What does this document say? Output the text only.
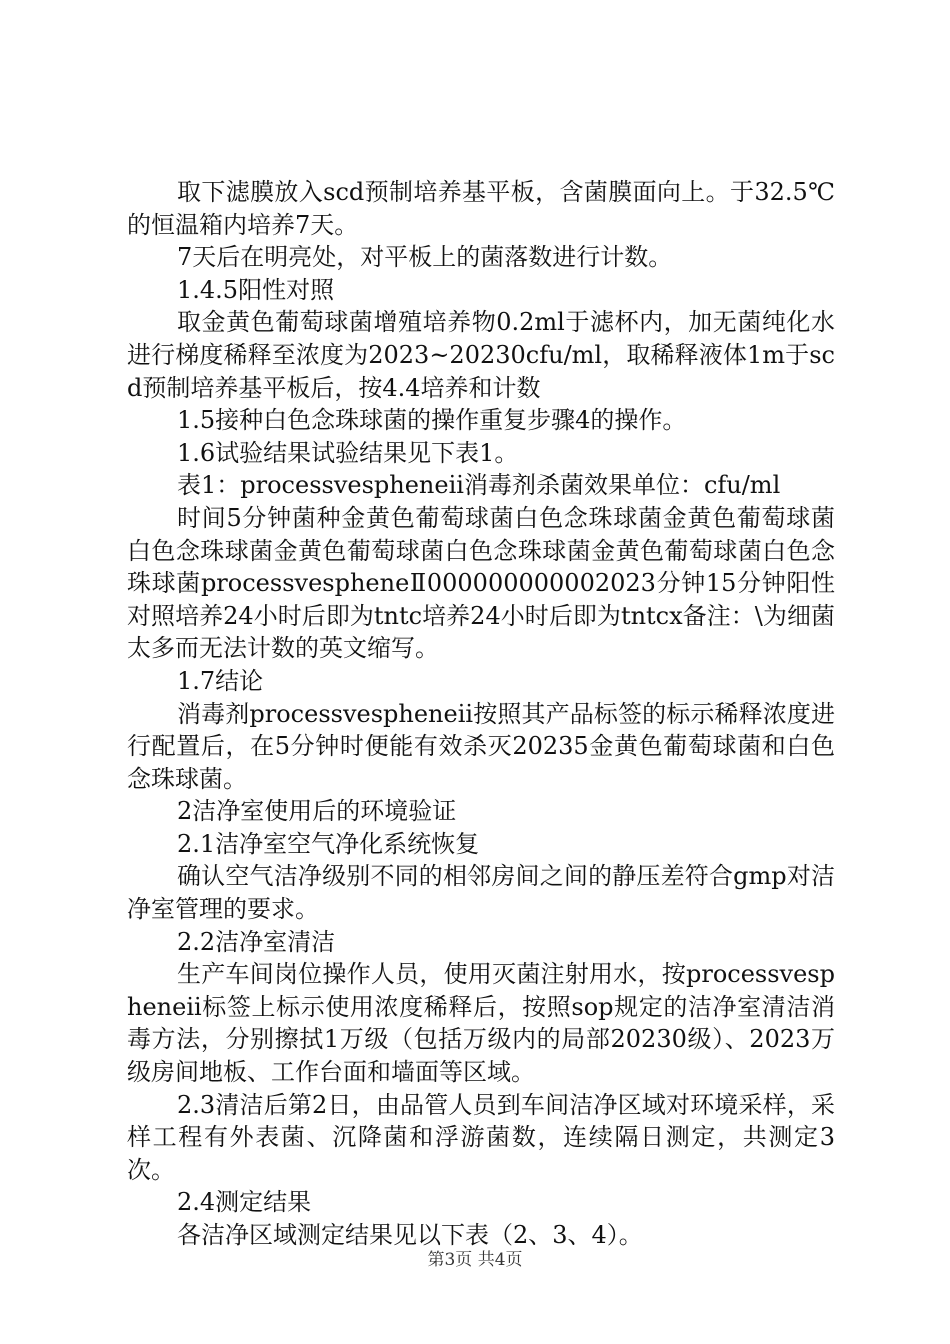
取下滤膜放入scd预制培养基平板，含菌膜面向上。于32.5℃的恒温箱内培养7天。

7天后在明亮处，对平板上的菌落数进行计数。

1.4.5阳性对照

取金黄色葡萄球菌增殖培养物0.2ml于滤杯内，加无菌纯化水进行梯度稀释至浓度为2023~20230cfu/ml，取稀释液体1m于scd预制培养基平板后，按4.4培养和计数

1.5接种白色念珠球菌的操作重复步骤4的操作。

1.6试验结果试验结果见下表1。

表1：processvespheneii消毒剂杀菌效果单位：cfu/ml

时间5分钟菌种金黄色葡萄球菌白色念珠球菌金黄色葡萄球菌白色念珠球菌金黄色葡萄球菌白色念珠球菌金黄色葡萄球菌白色念珠球菌processvespheneⅡ000000000002023分钟15分钟阳性对照培养24小时后即为tntc培养24小时后即为tntcx备注：\为细菌太多而无法计数的英文缩写。

1.7结论

消毒剂processvespheneii按照其产品标签的标示稀释浓度进行配置后，在5分钟时便能有效杀灭20235金黄色葡萄球菌和白色念珠球菌。

2洁净室使用后的环境验证

2.1洁净室空气净化系统恢复

确认空气洁净级别不同的相邻房间之间的静压差符合gmp对洁净室管理的要求。

2.2洁净室清洁

生产车间岗位操作人员，使用灭菌注射用水，按processvespheneii标签上标示使用浓度稀释后，按照sop规定的洁净室清洁消毒方法，分别擦拭1万级（包括万级内的局部20230级）、2023万级房间地板、工作台面和墙面等区域。

2.3清洁后第2日，由品管人员到车间洁净区域对环境采样，采样工程有外表菌、沉降菌和浮游菌数，连续隔日测定，共测定3次。

2.4测定结果

各洁净区域测定结果见以下表（2、3、4）。

第3页 共4页
